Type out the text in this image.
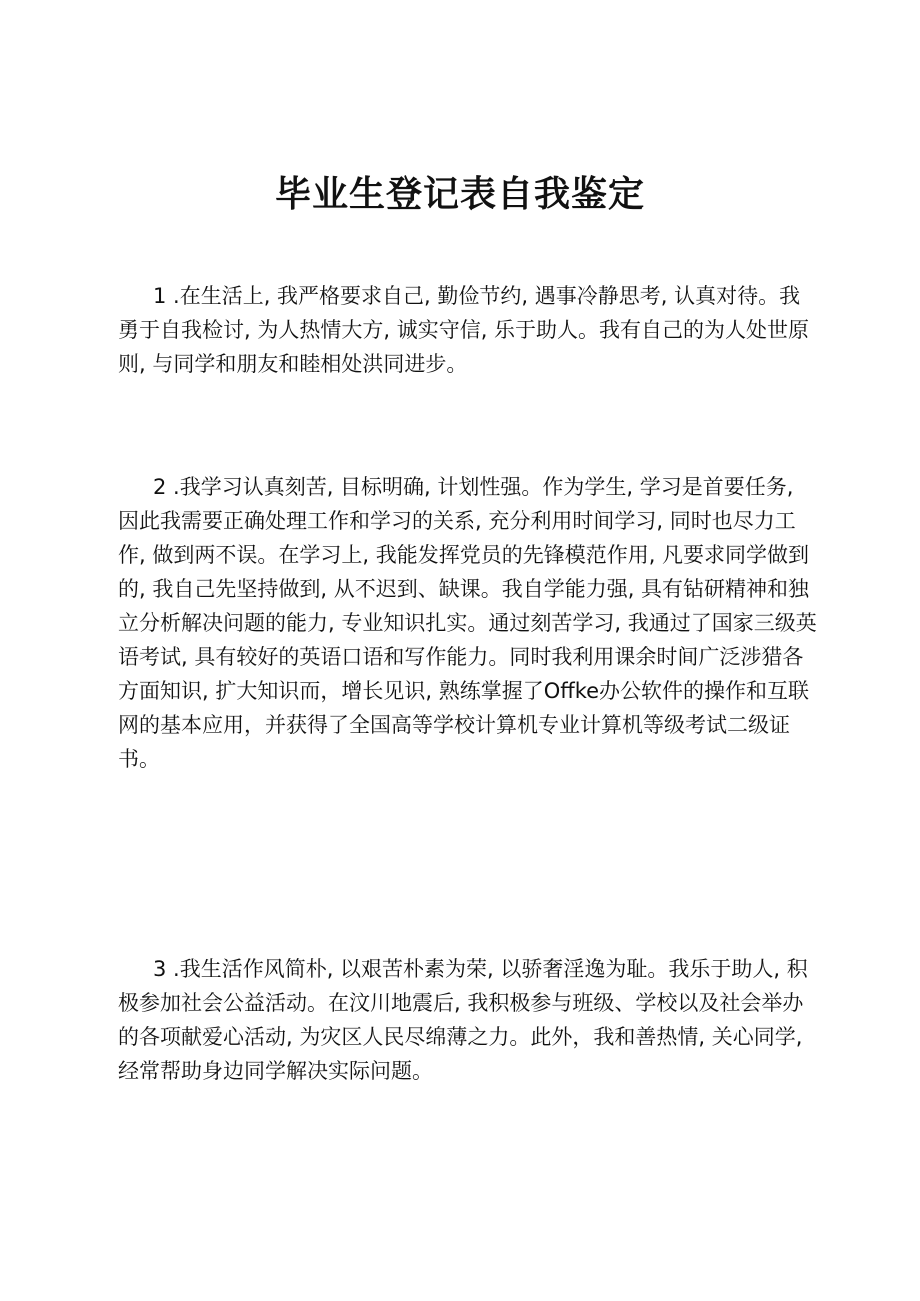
毕业生登记表自我鉴定
1 .在生活上, 我严格要求自己, 勤俭节约, 遇事冷静思考, 认真对待。我
勇于自我检讨, 为人热情大方, 诚实守信, 乐于助人。我有自己的为人处世原
则, 与同学和朋友和睦相处洪同进步。
2 .我学习认真刻苦, 目标明确, 计划性强。作为学生, 学习是首要任务,
因此我需要正确处理工作和学习的关系, 充分利用时间学习, 同时也尽力工
作, 做到两不误。在学习上, 我能发挥党员的先锋模范作用, 凡要求同学做到
的, 我自己先坚持做到, 从不迟到、缺课。我自学能力强, 具有钻研精神和独
立分析解决问题的能力, 专业知识扎实。通过刻苦学习, 我通过了国家三级英
语考试, 具有较好的英语口语和写作能力。同时我利用课余时间广泛涉猎各
方面知识, 扩大知识而，增长见识, 熟练掌握了Offke办公软件的操作和互联
网的基本应用，并获得了全国高等学校计算机专业计算机等级考试二级证
书。
3 .我生活作风简朴, 以艰苦朴素为荣, 以骄奢淫逸为耻。我乐于助人, 积
极参加社会公益活动。在汶川地震后, 我积极参与班级、学校以及社会举办
的各项献爱心活动, 为灾区人民尽绵薄之力。此外，我和善热情, 关心同学,
经常帮助身边同学解决实际问题。
